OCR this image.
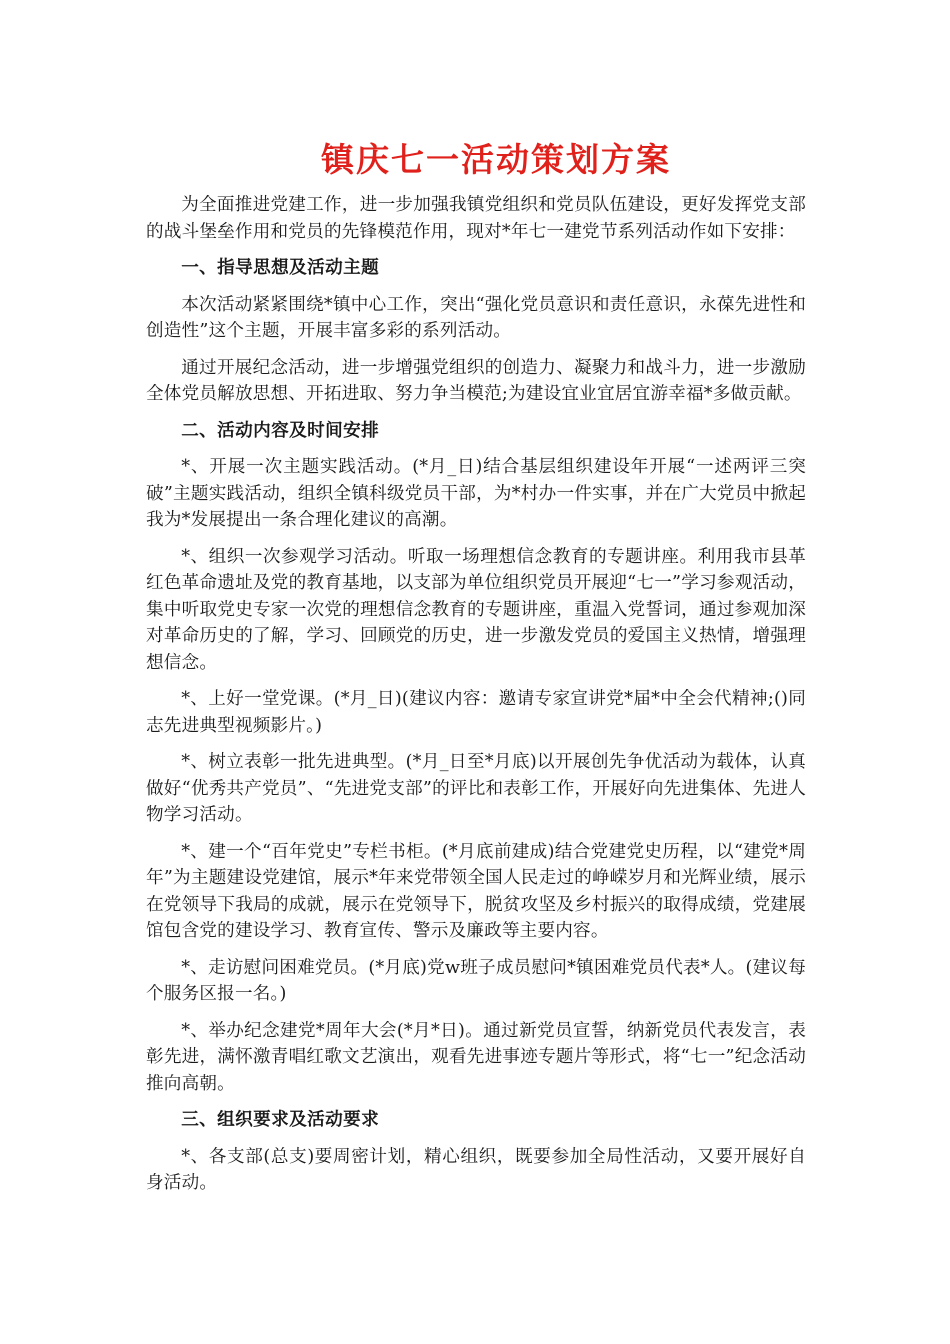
镇庆七一活动策划方案

为全面推进党建工作，进一步加强我镇党组织和党员队伍建设，更好发挥党支部的战斗堡垒作用和党员的先锋模范作用，现对*年七一建党节系列活动作如下安排：

一、指导思想及活动主题

本次活动紧紧围绕*镇中心工作，突出“强化党员意识和责任意识，永葆先进性和创造性”这个主题，开展丰富多彩的系列活动。

通过开展纪念活动，进一步增强党组织的创造力、凝聚力和战斗力，进一步激励全体党员解放思想、开拓进取、努力争当模范;为建设宜业宜居宜游幸福*多做贡献。

二、活动内容及时间安排

*、开展一次主题实践活动。(*月_日)结合基层组织建设年开展“一述两评三突破”主题实践活动，组织全镇科级党员干部，为*村办一件实事，并在广大党员中掀起我为*发展提出一条合理化建议的高潮。

*、组织一次参观学习活动。听取一场理想信念教育的专题讲座。利用我市县革红色革命遗址及党的教育基地，以支部为单位组织党员开展迎“七一”学习参观活动，集中听取党史专家一次党的理想信念教育的专题讲座，重温入党誓词，通过参观加深对革命历史的了解，学习、回顾党的历史，进一步激发党员的爱国主义热情，增强理想信念。

*、上好一堂党课。(*月_日)(建议内容：邀请专家宣讲党*届*中全会代精神;()同志先进典型视频影片。)

*、树立表彰一批先进典型。(*月_日至*月底)以开展创先争优活动为载体，认真做好“优秀共产党员”、“先进党支部”的评比和表彰工作，开展好向先进集体、先进人物学习活动。

*、建一个“百年党史”专栏书柜。(*月底前建成)结合党建党史历程，以“建党*周年”为主题建设党建馆，展示*年来党带领全国人民走过的峥嵘岁月和光辉业绩，展示在党领导下我局的成就，展示在党领导下，脱贫攻坚及乡村振兴的取得成绩，党建展馆包含党的建设学习、教育宣传、警示及廉政等主要内容。

*、走访慰问困难党员。(*月底)党w班子成员慰问*镇困难党员代表*人。(建议每个服务区报一名。)

*、举办纪念建党*周年大会(*月*日)。通过新党员宣誓，纳新党员代表发言，表彰先进，满怀激青唱红歌文艺演出，观看先进事迹专题片等形式，将“七一”纪念活动推向高朝。

三、组织要求及活动要求

*、各支部(总支)要周密计划，精心组织，既要参加全局性活动，又要开展好自身活动。
